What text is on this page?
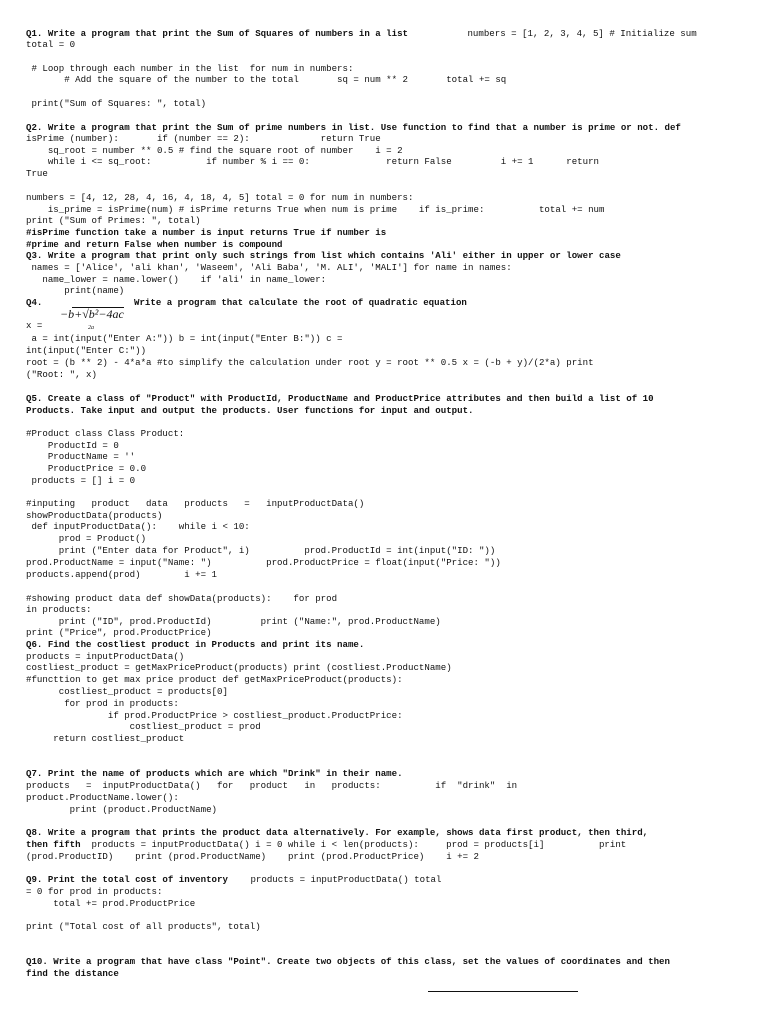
Q1. Write a program that print the Sum of Squares of numbers in a list	numbers = [1, 2, 3, 4, 5] # Initialize sum
total = 0
# Loop through each number in the list  for num in numbers:
# Add the square of the number to the total       sq = num ** 2       total += sq
print("Sum of Squares: ", total)
Q2. Write a program that print the Sum of prime numbers in list. Use function to find that a number is prime or not. def
isPrime (number):       if (number == 2):             return True
sq_root = number ** 0.5 # find the square root of number    i = 2
while i <= sq_root:          if number % i == 0:              return False         i += 1      return
True
numbers = [4, 12, 28, 4, 16, 4, 18, 4, 5] total = 0 for num in numbers:
is_prime = isPrime(num) # isPrime returns True when num is prime    if is_prime:          total += num
print ("Sum of Primes: ", total)
#isPrime function take a number is input returns True if number is
#prime and return False when number is compound
Q3. Write a program that print only such strings from list which contains 'Ali' either in upper or lower case
names = ['Alice', 'ali khan', 'Waseem', 'Ali Baba', 'M. ALI', 'MALI'] for name in names:
name_lower = name.lower()    if 'ali' in name_lower:
print(name)
Q4.	Write a program that calculate the root of quadratic equation
−b+√b²−4ac
x =	2a
a = int(input("Enter A:")) b = int(input("Enter B:")) c =
int(input("Enter C:"))
root = (b ** 2) - 4*a*a #to simplify the calculation under root y = root ** 0.5 x = (-b + y)/(2*a) print
("Root: ", x)
Q5. Create a class of "Product" with ProductId, ProductName and ProductPrice attributes and then build a list of 10
Products. Take input and output the products. User functions for input and output.
#Product class Class Product:
ProductId = 0
ProductName = ''
ProductPrice = 0.0
products = [] i = 0
#inputing   product   data   products   =   inputProductData()
showProductData(products)
def inputProductData():    while i < 10:
prod = Product()
print ("Enter data for Product", i)          prod.ProductId = int(input("ID: "))
prod.ProductName = input("Name: ")          prod.ProductPrice = float(input("Price: "))
products.append(prod)        i += 1
#showing product data def showData(products):    for prod
in products:
print ("ID", prod.ProductId)         print ("Name:", prod.ProductName)
print ("Price", prod.ProductPrice)
Q6. Find the costliest product in Products and print its name.
products = inputProductData()
costliest_product = getMaxPriceProduct(products) print (costliest.ProductName)
#functtion to get max price product def getMaxPriceProduct(products):
costliest_product = products[0]
for prod in products:
if prod.ProductPrice > costliest_product.ProductPrice:
costliest_product = prod
return costliest_product
Q7. Print the name of products which are which "Drink" in their name.
products   =  inputProductData()   for   product   in   products:          if  "drink"  in
product.ProductName.lower():
print (product.ProductName)
Q8. Write a program that prints the product data alternatively. For example, shows data first product, then third,
then fifth products = inputProductData() i = 0 while i < len(products):     prod = products[i]          print
(prod.ProductID)    print (prod.ProductName)    print (prod.ProductPrice)    i += 2
Q9. Print the total cost of inventory products = inputProductData() total
= 0 for prod in products:
total += prod.ProductPrice
print ("Total cost of all products", total)
Q10. Write a program that have class "Point". Create two objects of this class, set the values of coordinates and then
find the distance
